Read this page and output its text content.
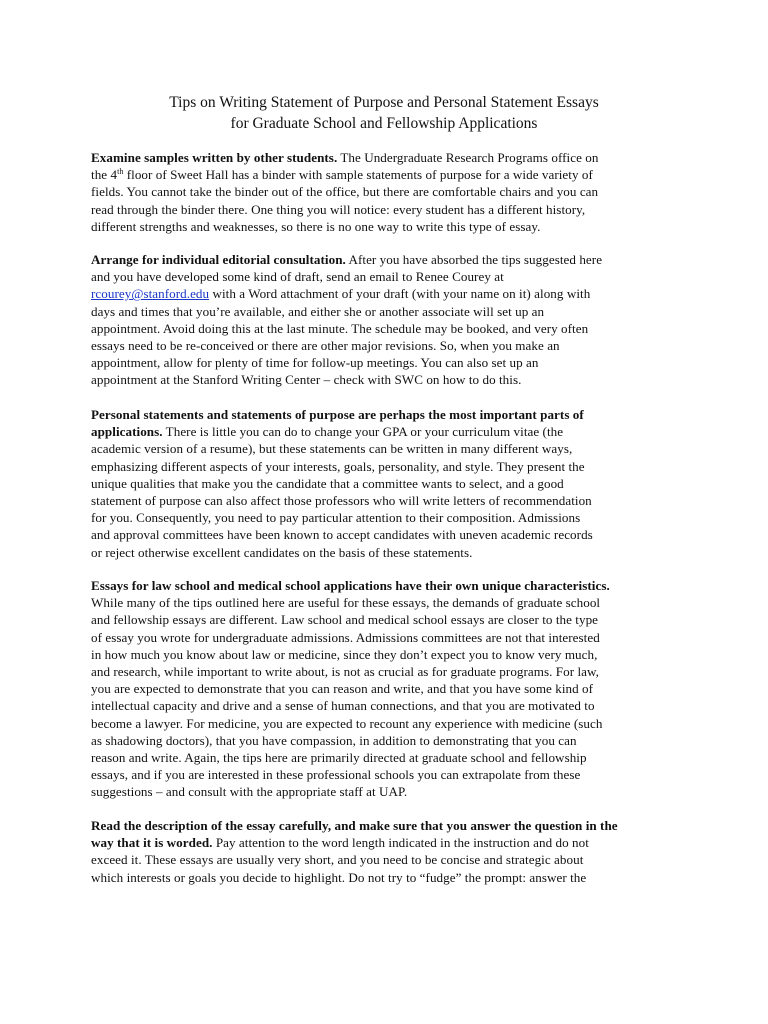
Tips on Writing Statement of Purpose and Personal Statement Essays
for Graduate School and Fellowship Applications
Examine samples written by other students. The Undergraduate Research Programs office on
the 4th floor of Sweet Hall has a binder with sample statements of purpose for a wide variety of
fields. You cannot take the binder out of the office, but there are comfortable chairs and you can
read through the binder there. One thing you will notice: every student has a different history,
different strengths and weaknesses, so there is no one way to write this type of essay.
Arrange for individual editorial consultation. After you have absorbed the tips suggested here
and you have developed some kind of draft, send an email to Renee Courey at
rcourey@stanford.edu with a Word attachment of your draft (with your name on it) along with
days and times that you’re available, and either she or another associate will set up an
appointment. Avoid doing this at the last minute. The schedule may be booked, and very often
essays need to be re-conceived or there are other major revisions. So, when you make an
appointment, allow for plenty of time for follow-up meetings. You can also set up an
appointment at the Stanford Writing Center – check with SWC on how to do this.
Personal statements and statements of purpose are perhaps the most important parts of
applications. There is little you can do to change your GPA or your curriculum vitae (the
academic version of a resume), but these statements can be written in many different ways,
emphasizing different aspects of your interests, goals, personality, and style. They present the
unique qualities that make you the candidate that a committee wants to select, and a good
statement of purpose can also affect those professors who will write letters of recommendation
for you. Consequently, you need to pay particular attention to their composition. Admissions
and approval committees have been known to accept candidates with uneven academic records
or reject otherwise excellent candidates on the basis of these statements.
Essays for law school and medical school applications have their own unique characteristics.
While many of the tips outlined here are useful for these essays, the demands of graduate school
and fellowship essays are different. Law school and medical school essays are closer to the type
of essay you wrote for undergraduate admissions. Admissions committees are not that interested
in how much you know about law or medicine, since they don’t expect you to know very much,
and research, while important to write about, is not as crucial as for graduate programs. For law,
you are expected to demonstrate that you can reason and write, and that you have some kind of
intellectual capacity and drive and a sense of human connections, and that you are motivated to
become a lawyer. For medicine, you are expected to recount any experience with medicine (such
as shadowing doctors), that you have compassion, in addition to demonstrating that you can
reason and write. Again, the tips here are primarily directed at graduate school and fellowship
essays, and if you are interested in these professional schools you can extrapolate from these
suggestions – and consult with the appropriate staff at UAP.
Read the description of the essay carefully, and make sure that you answer the question in the
way that it is worded. Pay attention to the word length indicated in the instruction and do not
exceed it. These essays are usually very short, and you need to be concise and strategic about
which interests or goals you decide to highlight. Do not try to “fudge” the prompt: answer the
